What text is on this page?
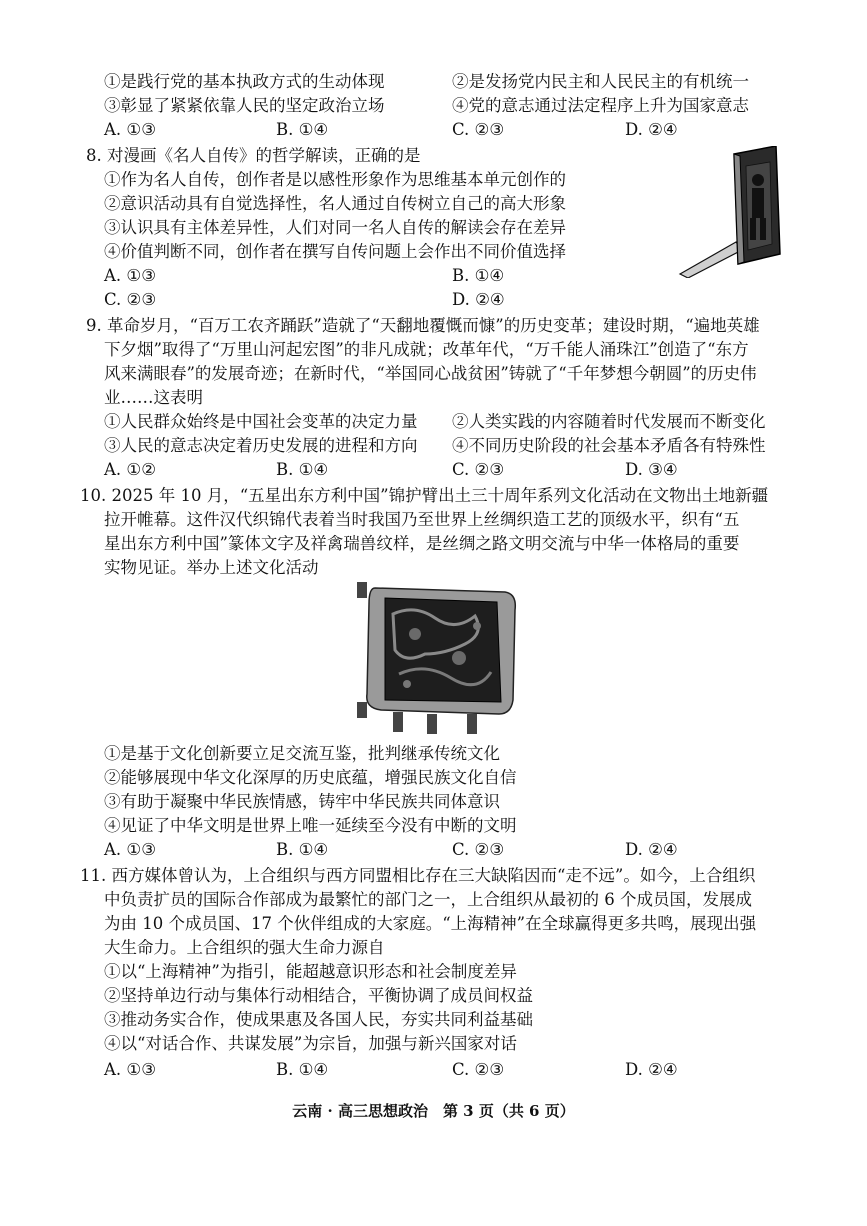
①是践行党的基本执政方式的生动体现	②是发扬党内民主和人民民主的有机统一
③彰显了紧紧依靠人民的坚定政治立场	④党的意志通过法定程序上升为国家意志
A. ①③	B. ①④	C. ②③	D. ②④
8. 对漫画《名人自传》的哲学解读，正确的是
①作为名人自传，创作者是以感性形象作为思维基本单元创作的
②意识活动具有自觉选择性，名人通过自传树立自己的高大形象
③认识具有主体差异性，人们对同一名人自传的解读会存在差异
④价值判断不同，创作者在撰写自传问题上会作出不同价值选择
A. ①③	B. ①④
C. ②③	D. ②④
9. 革命岁月，“百万工农齐踊跃”造就了“天翻地覆慨而慷”的历史变革；建设时期，“遍地英雄
下夕烟”取得了“万里山河起宏图”的非凡成就；改革年代，“万千能人涌珠江”创造了“东方
风来满眼春”的发展奇迹；在新时代，“举国同心战贫困”铸就了“千年梦想今朝圆”的历史伟
业……这表明
①人民群众始终是中国社会变革的决定力量 ②人类实践的内容随着时代发展而不断变化
③人民的意志决定着历史发展的进程和方向 ④不同历史阶段的社会基本矛盾各有特殊性
A. ①②	B. ①④	C. ②③	D. ③④
10. 2025 年 10 月，“五星出东方利中国”锦护臂出土三十周年系列文化活动在文物出土地新疆
拉开帷幕。这件汉代织锦代表着当时我国乃至世界上丝绸织造工艺的顶级水平，织有“五
星出东方利中国”篆体文字及祥禽瑞兽纹样，是丝绸之路文明交流与中华一体格局的重要
实物见证。举办上述文化活动
①是基于文化创新要立足交流互鉴，批判继承传统文化
②能够展现中华文化深厚的历史底蕴，增强民族文化自信
③有助于凝聚中华民族情感，铸牢中华民族共同体意识
④见证了中华文明是世界上唯一延续至今没有中断的文明
A. ①③	B. ①④	C. ②③	D. ②④
11. 西方媒体曾认为，上合组织与西方同盟相比存在三大缺陷因而“走不远”。如今，上合组织
中负责扩员的国际合作部成为最繁忙的部门之一，上合组织从最初的 6 个成员国，发展成
为由 10 个成员国、17 个伙伴组成的大家庭。“上海精神”在全球赢得更多共鸣，展现出强
大生命力。上合组织的强大生命力源自
①以“上海精神”为指引，能超越意识形态和社会制度差异
②坚持单边行动与集体行动相结合，平衡协调了成员间权益
③推动务实合作，使成果惠及各国人民，夯实共同利益基础
④以“对话合作、共谋发展”为宗旨，加强与新兴国家对话
A. ①③	B. ①④	C. ②③	D. ②④
云南 · 高三思想政治　第 3 页（共 6 页）
